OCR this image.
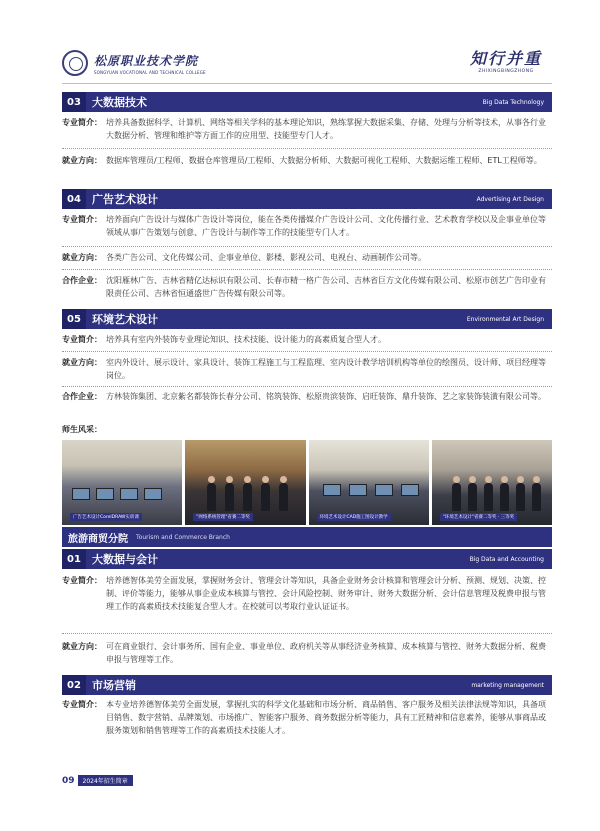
松原职业技术学院
SONGYUAN VOCATIONAL AND TECHNICAL COLLEGE
知行并重
ZHIXINGBINGZHONG
03	大数据技术	Big Data Technology
专业简介： 培养具备数据科学、计算机、网络等相关学科的基本理论知识，熟练掌握大数据采集、存储、处理与分析等技术，从事各行业大数据分析、管理和维护等方面工作的应用型、技能型专门人才。
就业方向： 数据库管理员/工程师、数据仓库管理员/工程师、大数据分析师、大数据可视化工程师、大数据运维工程师、ETL工程师等。
04	广告艺术设计	Advertising Art Design
专业简介： 培养面向广告设计与媒体广告设计等岗位，能在各类传播媒介广告设计公司、文化传播行业、艺术教育学校以及企事业单位等领域从事广告策划与创意、广告设计与制作等工作的技能型专门人才。
就业方向： 各类广告公司、文化传媒公司、企事业单位、影楼、影视公司、电视台、动画制作公司等。
合作企业： 沈阳雁林广告、吉林省精亿达标识有限公司、长春市精一格广告公司、吉林省巨方文化传媒有限公司、松原市创艺广告印业有限责任公司、吉林省恒通盛世广告传媒有限公司等。
05	环境艺术设计	Environmental Art Design
专业简介： 培养具有室内外装饰专业理论知识、技术技能、设计能力的高素质复合型人才。
就业方向： 室内外设计、展示设计、家具设计、装饰工程施工与工程监理、室内设计教学培训机构等单位的绘图员、设计师、项目经理等岗位。
合作企业： 方林装饰集团、北京紫名都装饰长春分公司、铭筑装饰、松原贵滨装饰、启旺装饰、鼎升装饰、艺之家装饰装潢有限公司等。
师生风采：
广告艺术设计CorelDRAW实训课	"网络系统管理"省赛二等奖	环境艺术设计CAD施工图设计教学	"环境艺术设计"省赛二等奖 · 三等奖
旅游商贸分院 Tourism and Commerce Branch
01	大数据与会计	Big Data and Accounting
专业简介： 培养德智体美劳全面发展，掌握财务会计、管理会计等知识，具备企业财务会计核算和管理会计分析、预测、规划、决策、控制、评价等能力，能够从事企业成本核算与管控、会计风险控制、财务审计、财务大数据分析、会计信息管理及税费申报与管理工作的高素质技术技能复合型人才。在校就可以考取行业认证证书。
就业方向： 可在商业银行、会计事务所、国有企业、事业单位、政府机关等从事经济业务核算、成本核算与管控、财务大数据分析、税费申报与管理等工作。
02	市场营销	marketing management
专业简介： 本专业培养德智体美劳全面发展，掌握扎实的科学文化基础和市场分析、商品销售、客户服务及相关法律法规等知识，具备项目销售、数字营销、品牌策划、市场推广、智能客户服务、商务数据分析等能力，具有工匠精神和信息素养，能够从事商品或服务策划和销售管理等工作的高素质技术技能人才。
09	2024年招生简章
